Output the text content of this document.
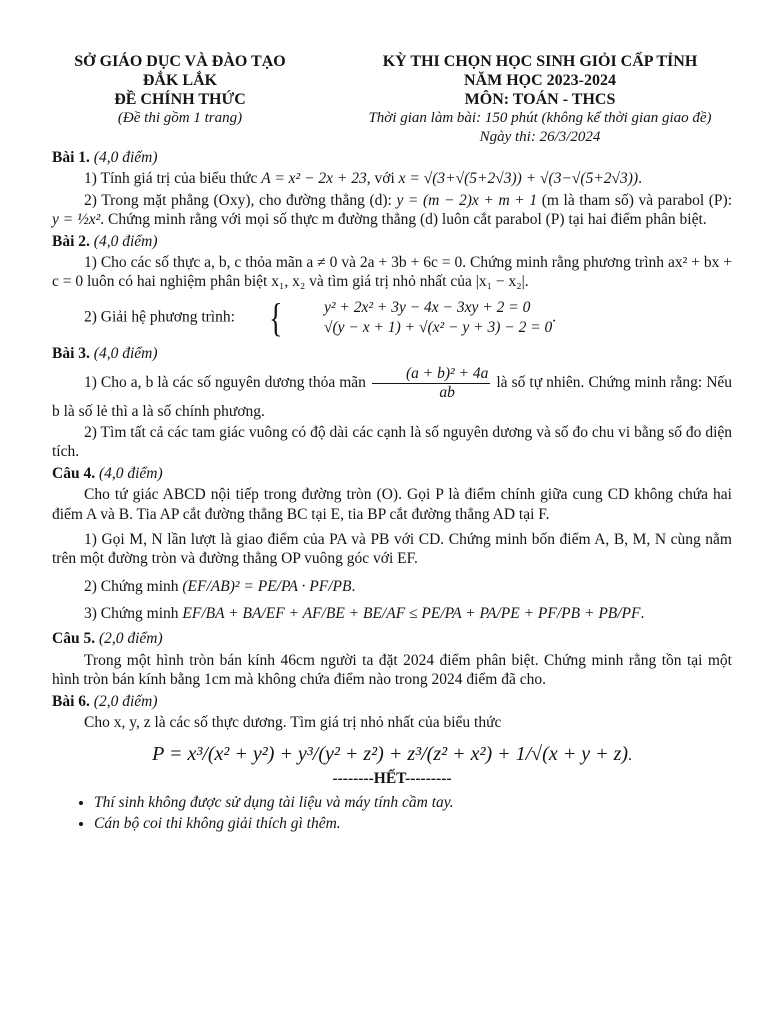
SỞ GIÁO DỤC VÀ ĐÀO TẠO
ĐẮK LẮK
ĐỀ CHÍNH THỨC
(Đề thi gồm 1 trang)
KỲ THI CHỌN HỌC SINH GIỎI CẤP TỈNH
NĂM HỌC 2023-2024
MÔN: TOÁN - THCS
Thời gian làm bài: 150 phút (không kể thời gian giao đề)
Ngày thi: 26/3/2024
Bài 1. (4,0 điểm)

1) Tính giá trị của biểu thức A = x² − 2x + 23, với x = √(3+√(5+2√3)) + √(3−√(5+2√3)).

2) Trong mặt phẳng (Oxy), cho đường thẳng (d): y = (m − 2)x + m + 1 (m là tham số) và parabol (P): y = ½x². Chứng minh rằng với mọi số thực m đường thẳng (d) luôn cắt parabol (P) tại hai điểm phân biệt.

Bài 2. (4,0 điểm)

1) Cho các số thực a, b, c thỏa mãn a ≠ 0 và 2a + 3b + 6c = 0. Chứng minh rằng phương trình ax² + bx + c = 0 luôn có hai nghiệm phân biệt x₁, x₂ và tìm giá trị nhỏ nhất của |x₁ − x₂|.

2) Giải hệ phương trình: {	y² + 2x² + 3y − 4x − 3xy + 2 = 0
√(y − x + 1) + √(x² − y + 3) − 2 = 0
.

Bài 3. (4,0 điểm)

1) Cho a, b là các số nguyên dương thỏa mãn $\frac{\text{(a + b)² + 4a}}{ab}$ là số tự nhiên. Chứng minh rằng: Nếu b là số lẻ thì a là số chính phương.

2) Tìm tất cả các tam giác vuông có độ dài các cạnh là số nguyên dương và số đo chu vi bằng số đo diện tích.

Câu 4. (4,0 điểm)

Cho tứ giác ABCD nội tiếp trong đường tròn (O). Gọi P là điểm chính giữa cung CD không chứa hai điểm A và B. Tia AP cắt đường thẳng BC tại E, tia BP cắt đường thẳng AD tại F.

1) Gọi M, N lần lượt là giao điểm của PA và PB với CD. Chứng minh bốn điểm A, B, M, N cùng nằm trên một đường tròn và đường thẳng OP vuông góc với EF.

2) Chứng minh (EF/AB)² = PE/PA · PF/PB.

3) Chứng minh EF/BA + BA/EF + AF/BE + BE/AF ≤ PE/PA + PA/PE + PF/PB + PB/PF.

Câu 5. (2,0 điểm)

Trong một hình tròn bán kính 46cm người ta đặt 2024 điểm phân biệt. Chứng minh rằng tồn tại một hình tròn bán kính bằng 1cm mà không chứa điểm nào trong 2024 điểm đã cho.

Bài 6. (2,0 điểm)

Cho x, y, z là các số thực dương. Tìm giá trị nhỏ nhất của biểu thức

P = x³/(x² + y²) + y³/(y² + z²) + z³/(z² + x²) + 1/√(x + y + z).

--------HẾT---------
• Thí sinh không được sử dụng tài liệu và máy tính cầm tay.
• Cán bộ coi thi không giải thích gì thêm.
